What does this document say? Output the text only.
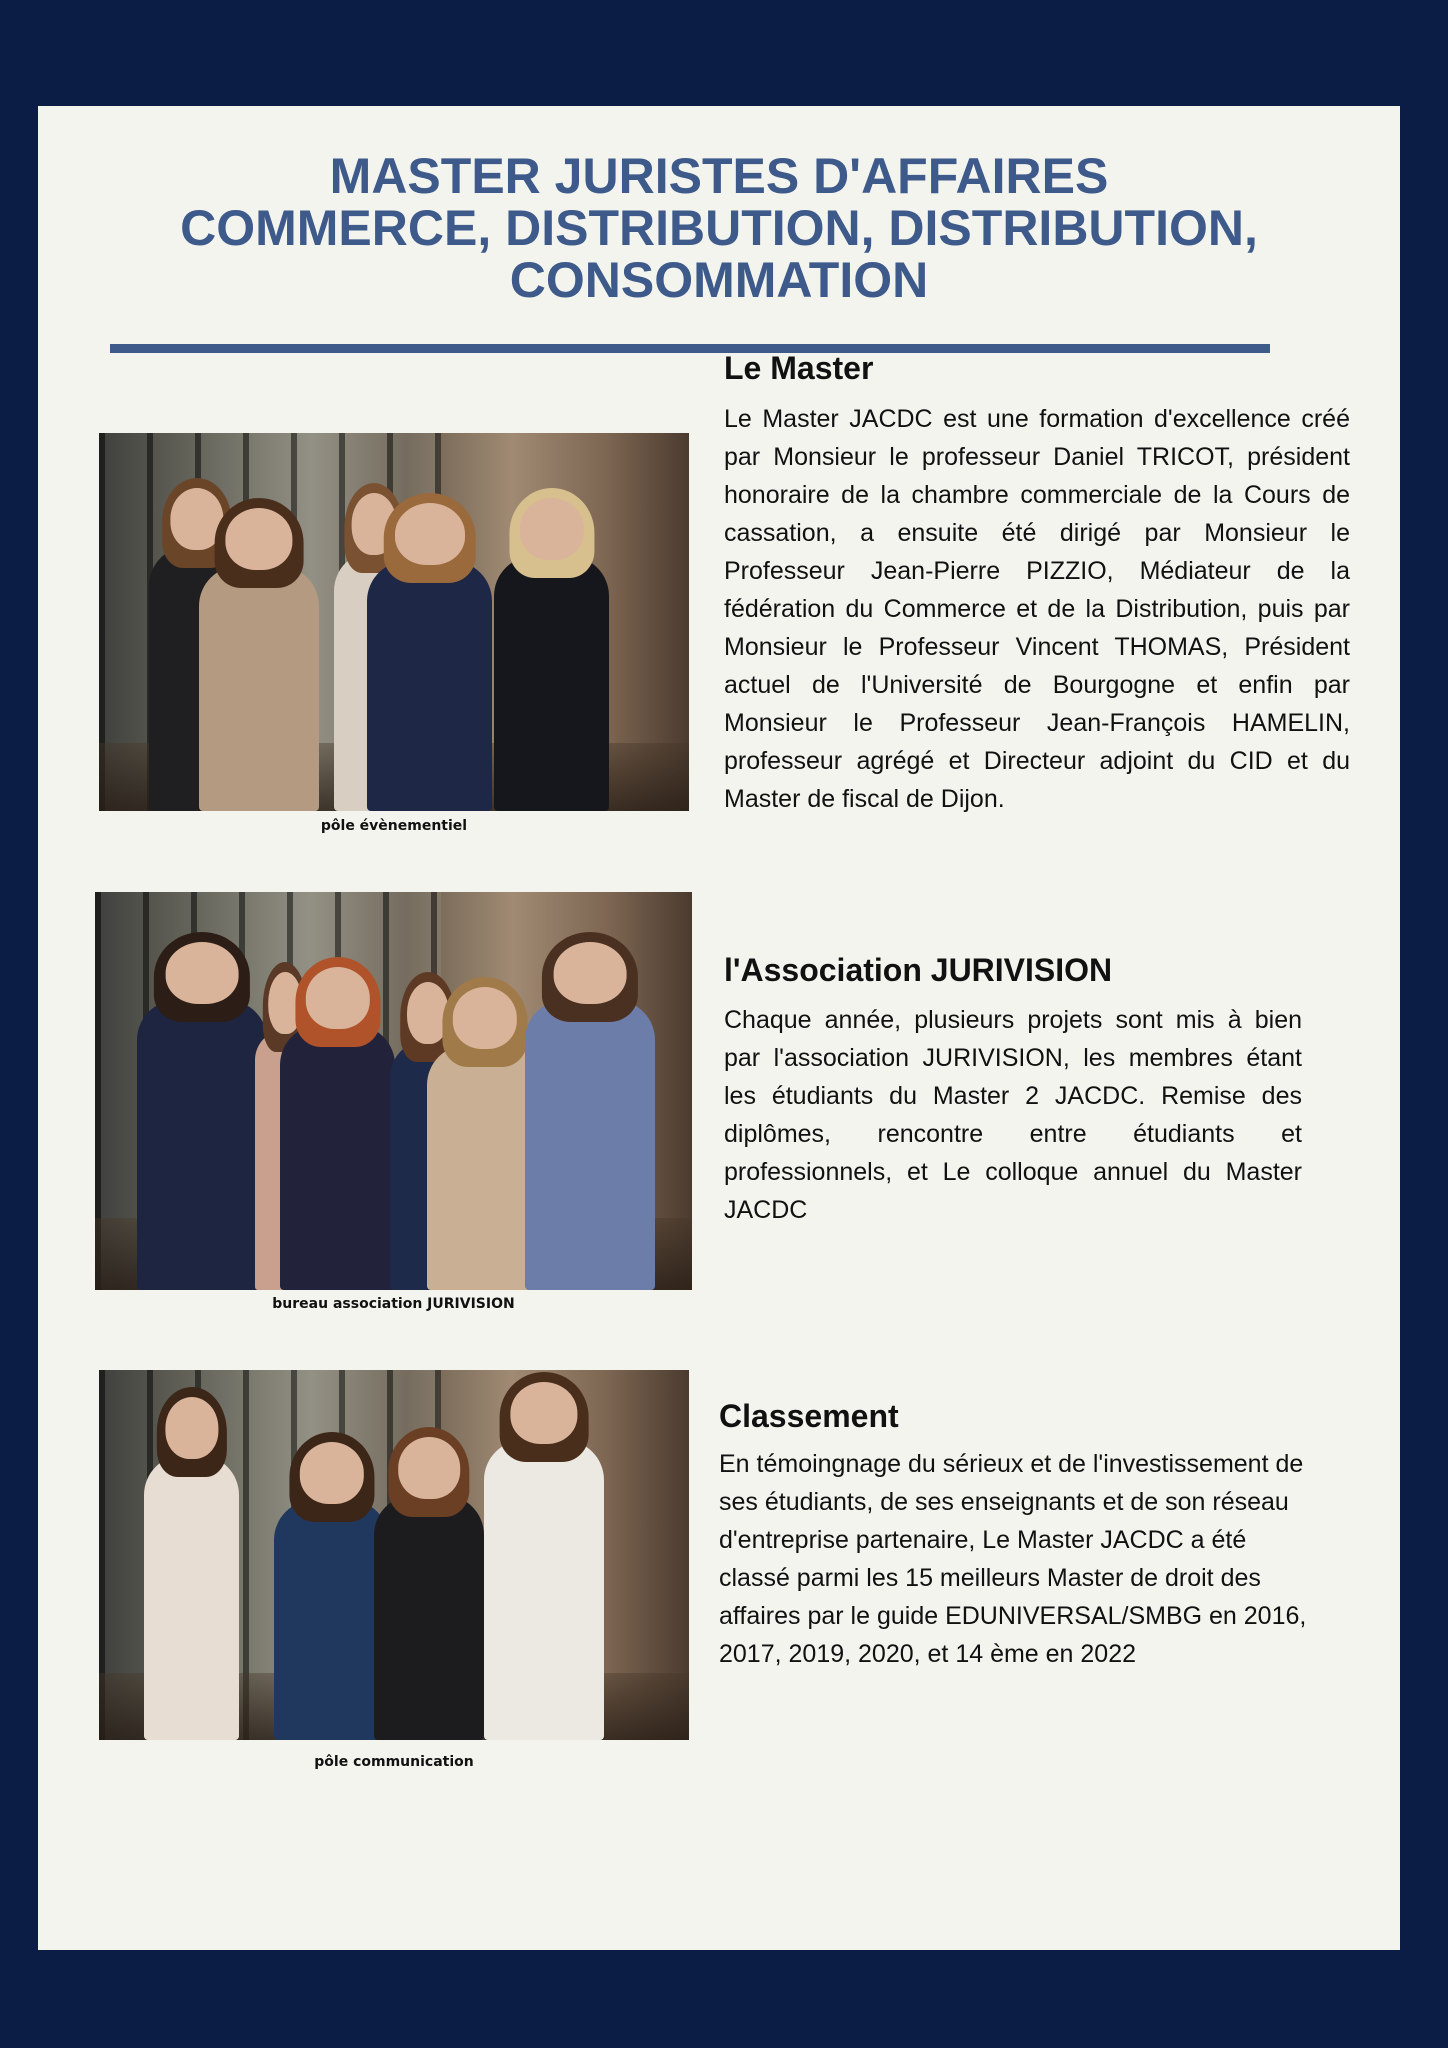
MASTER JURISTES D'AFFAIRES
COMMERCE, DISTRIBUTION, DISTRIBUTION,
CONSOMMATION
pôle évènementiel
Le Master

Le Master JACDC est une formation d'excellence créé par Monsieur le professeur Daniel TRICOT, président honoraire de la chambre commerciale de la Cours de cassation, a ensuite été dirigé par Monsieur le Professeur Jean-Pierre PIZZIO, Médiateur de la fédération du Commerce et de la Distribution, puis par Monsieur le Professeur Vincent THOMAS, Président actuel de l'Université de Bourgogne et enfin par Monsieur le Professeur Jean-François HAMELIN, professeur agrégé et Directeur adjoint du CID et du Master de fiscal de Dijon.

bureau association JURIVISION
l'Association JURIVISION

Chaque année, plusieurs projets sont mis à bien par l'association JURIVISION, les membres étant les étudiants du Master 2 JACDC. Remise des diplômes, rencontre entre étudiants et professionnels, et Le colloque annuel du Master JACDC

pôle communication
Classement

En témoingnage du sérieux et de l'investissement de ses étudiants, de ses enseignants et de son réseau d'entreprise partenaire, Le Master JACDC a été classé parmi les 15 meilleurs Master de droit des affaires par le guide EDUNIVERSAL/SMBG en 2016, 2017, 2019, 2020, et 14 ème en 2022
